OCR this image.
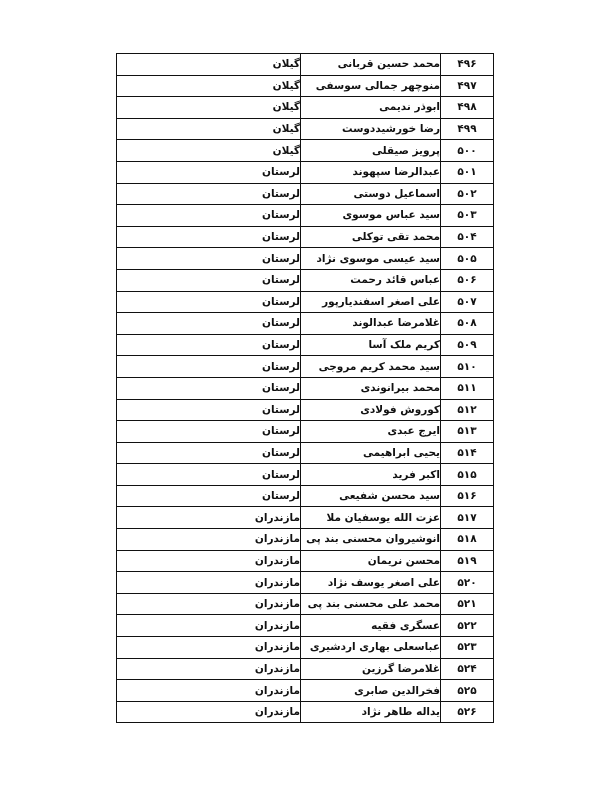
۴۹۶	محمد حسین قربانی	گیلان
۴۹۷	منوچهر جمالی سوسفی	گیلان
۴۹۸	ابوذر ندیمی	گیلان
۴۹۹	رضا خورشیددوست	گیلان
۵۰۰	پرویز صیقلی	گیلان
۵۰۱	عبدالرضا سپهوند	لرستان
۵۰۲	اسماعیل دوستی	لرستان
۵۰۳	سید عباس موسوی	لرستان
۵۰۴	محمد تقی توکلی	لرستان
۵۰۵	سید عیسی موسوی نژاد	لرستان
۵۰۶	عباس قائد رحمت	لرستان
۵۰۷	علی اصغر اسفندیارپور	لرستان
۵۰۸	غلامرضا عبدالوند	لرستان
۵۰۹	کریم ملک آسا	لرستان
۵۱۰	سید محمد کریم مروجی	لرستان
۵۱۱	محمد بیرانوندی	لرستان
۵۱۲	کوروش فولادی	لرستان
۵۱۳	ایرج عبدی	لرستان
۵۱۴	یحیی ابراهیمی	لرستان
۵۱۵	اکبر فرید	لرستان
۵۱۶	سید محسن شفیعی	لرستان
۵۱۷	عزت الله یوسفیان ملا	مازندران
۵۱۸	انوشیروان محسنی بند پی	مازندران
۵۱۹	محسن نریمان	مازندران
۵۲۰	علی اصغر یوسف نژاد	مازندران
۵۲۱	محمد علی محسنی بند پی	مازندران
۵۲۲	عسگری فقیه	مازندران
۵۲۳	عباسعلی بهاری اردشیری	مازندران
۵۲۴	غلامرضا گرزین	مازندران
۵۲۵	فخرالدین صابری	مازندران
۵۲۶	یداله طاهر نژاد	مازندران
